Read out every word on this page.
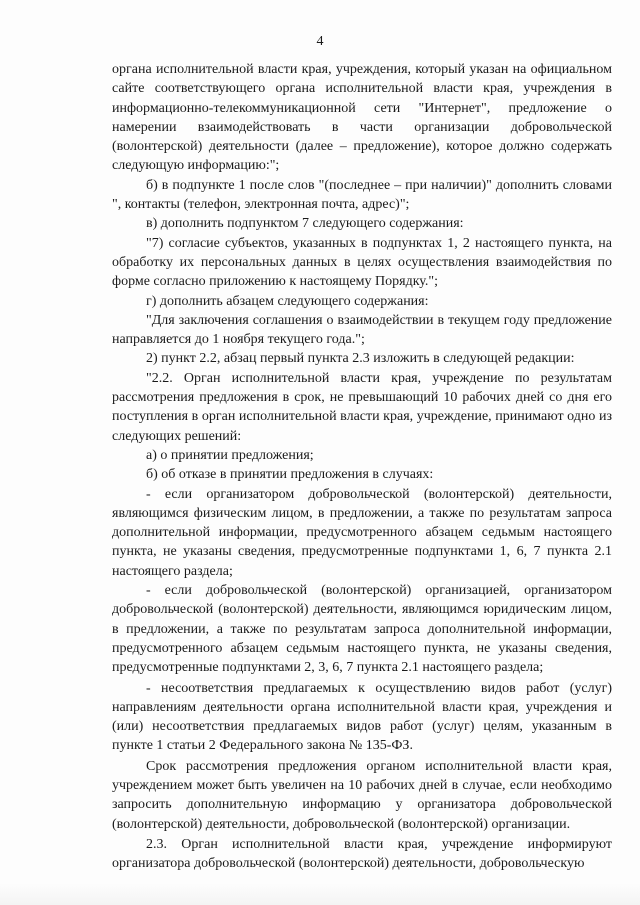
4

органа исполнительной власти края, учреждения, который указан на официальном сайте соответствующего органа исполнительной власти края, учреждения в информационно-телекоммуникационной сети "Интернет", предложение о намерении взаимодействовать в части организации добровольческой (волонтерской) деятельности (далее – предложение), которое должно содержать следующую информацию:";

б) в подпункте 1 после слов "(последнее – при наличии)" дополнить словами ", контакты (телефон, электронная почта, адрес)";

в) дополнить подпунктом 7 следующего содержания:

"7) согласие субъектов, указанных в подпунктах 1, 2 настоящего пункта, на обработку их персональных данных в целях осуществления взаимодействия по форме согласно приложению к настоящему Порядку.";

г) дополнить абзацем следующего содержания:

"Для заключения соглашения о взаимодействии в текущем году предложение направляется до 1 ноября текущего года.";

2) пункт 2.2, абзац первый пункта 2.3 изложить в следующей редакции:

"2.2. Орган исполнительной власти края, учреждение по результатам рассмотрения предложения в срок, не превышающий 10 рабочих дней со дня его поступления в орган исполнительной власти края, учреждение, принимают одно из следующих решений:

а) о принятии предложения;

б) об отказе в принятии предложения в случаях:

- если организатором добровольческой (волонтерской) деятельности, являющимся физическим лицом, в предложении, а также по результатам запроса дополнительной информации, предусмотренного абзацем седьмым настоящего пункта, не указаны сведения, предусмотренные подпунктами 1, 6, 7 пункта 2.1 настоящего раздела;

- если добровольческой (волонтерской) организацией, организатором добровольческой (волонтерской) деятельности, являющимся юридическим лицом, в предложении, а также по результатам запроса дополнительной информации, предусмотренного абзацем седьмым настоящего пункта, не указаны сведения, предусмотренные подпунктами 2, 3, 6, 7 пункта 2.1 настоящего раздела;

- несоответствия предлагаемых к осуществлению видов работ (услуг) направлениям деятельности органа исполнительной власти края, учреждения и (или) несоответствия предлагаемых видов работ (услуг) целям, указанным в пункте 1 статьи 2 Федерального закона № 135-ФЗ.

Срок рассмотрения предложения органом исполнительной власти края, учреждением может быть увеличен на 10 рабочих дней в случае, если необходимо запросить дополнительную информацию у организатора добровольческой (волонтерской) деятельности, добровольческой (волонтерской) организации.

2.3. Орган исполнительной власти края, учреждение информируют организатора добровольческой (волонтерской) деятельности, добровольческую
